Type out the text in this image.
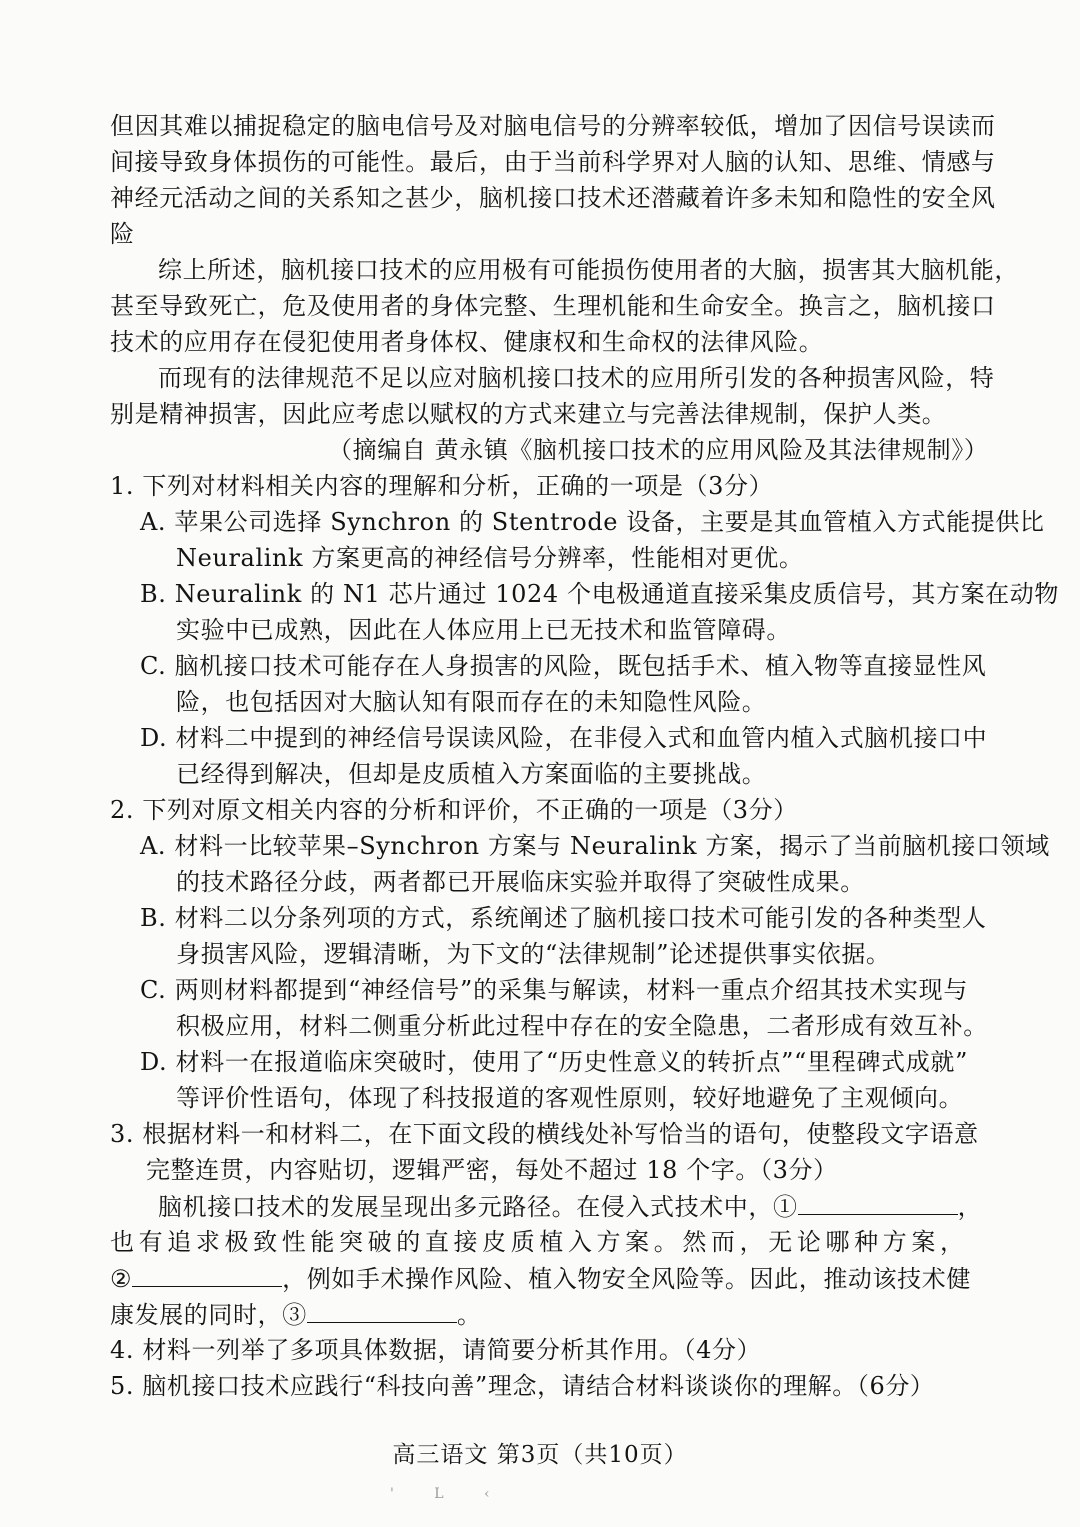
但因其难以捕捉稳定的脑电信号及对脑电信号的分辨率较低，增加了因信号误读而
间接导致身体损伤的可能性。最后，由于当前科学界对人脑的认知、思维、情感与
神经元活动之间的关系知之甚少，脑机接口技术还潜藏着许多未知和隐性的安全风
险
综上所述，脑机接口技术的应用极有可能损伤使用者的大脑，损害其大脑机能，
甚至导致死亡，危及使用者的身体完整、生理机能和生命安全。换言之，脑机接口
技术的应用存在侵犯使用者身体权、健康权和生命权的法律风险。
而现有的法律规范不足以应对脑机接口技术的应用所引发的各种损害风险，特
别是精神损害，因此应考虑以赋权的方式来建立与完善法律规制，保护人类。
（摘编自 黄永镇《脑机接口技术的应用风险及其法律规制》）
1. 下列对材料相关内容的理解和分析，正确的一项是（3分）
A. 苹果公司选择 Synchron 的 Stentrode 设备，主要是其血管植入方式能提供比
Neuralink 方案更高的神经信号分辨率，性能相对更优。
B. Neuralink 的 N1 芯片通过 1024 个电极通道直接采集皮质信号，其方案在动物
实验中已成熟，因此在人体应用上已无技术和监管障碍。
C. 脑机接口技术可能存在人身损害的风险，既包括手术、植入物等直接显性风
险，也包括因对大脑认知有限而存在的未知隐性风险。
D. 材料二中提到的神经信号误读风险，在非侵入式和血管内植入式脑机接口中
已经得到解决，但却是皮质植入方案面临的主要挑战。
2. 下列对原文相关内容的分析和评价，不正确的一项是（3分）
A. 材料一比较苹果–Synchron 方案与 Neuralink 方案，揭示了当前脑机接口领域
的技术路径分歧，两者都已开展临床实验并取得了突破性成果。
B. 材料二以分条列项的方式，系统阐述了脑机接口技术可能引发的各种类型人
身损害风险，逻辑清晰，为下文的“法律规制”论述提供事实依据。
C. 两则材料都提到“神经信号”的采集与解读，材料一重点介绍其技术实现与
积极应用，材料二侧重分析此过程中存在的安全隐患，二者形成有效互补。
D. 材料一在报道临床突破时，使用了“历史性意义的转折点”“里程碑式成就”
等评价性语句，体现了科技报道的客观性原则，较好地避免了主观倾向。
3. 根据材料一和材料二，在下面文段的横线处补写恰当的语句，使整段文字语意
完整连贯，内容贴切，逻辑严密，每处不超过 18 个字。（3分）
脑机接口技术的发展呈现出多元路径。在侵入式技术中，①	，
也有追求极致性能突破的直接皮质植入方案。然而，无论哪种方案，
②	，例如手术操作风险、植入物安全风险等。因此，推动该技术健
康发展的同时，③	。
4. 材料一列举了多项具体数据，请简要分析其作用。（4分）
5. 脑机接口技术应践行“科技向善”理念，请结合材料谈谈你的理解。（6分）
高三语文 第3页（共10页）
' L ‹
